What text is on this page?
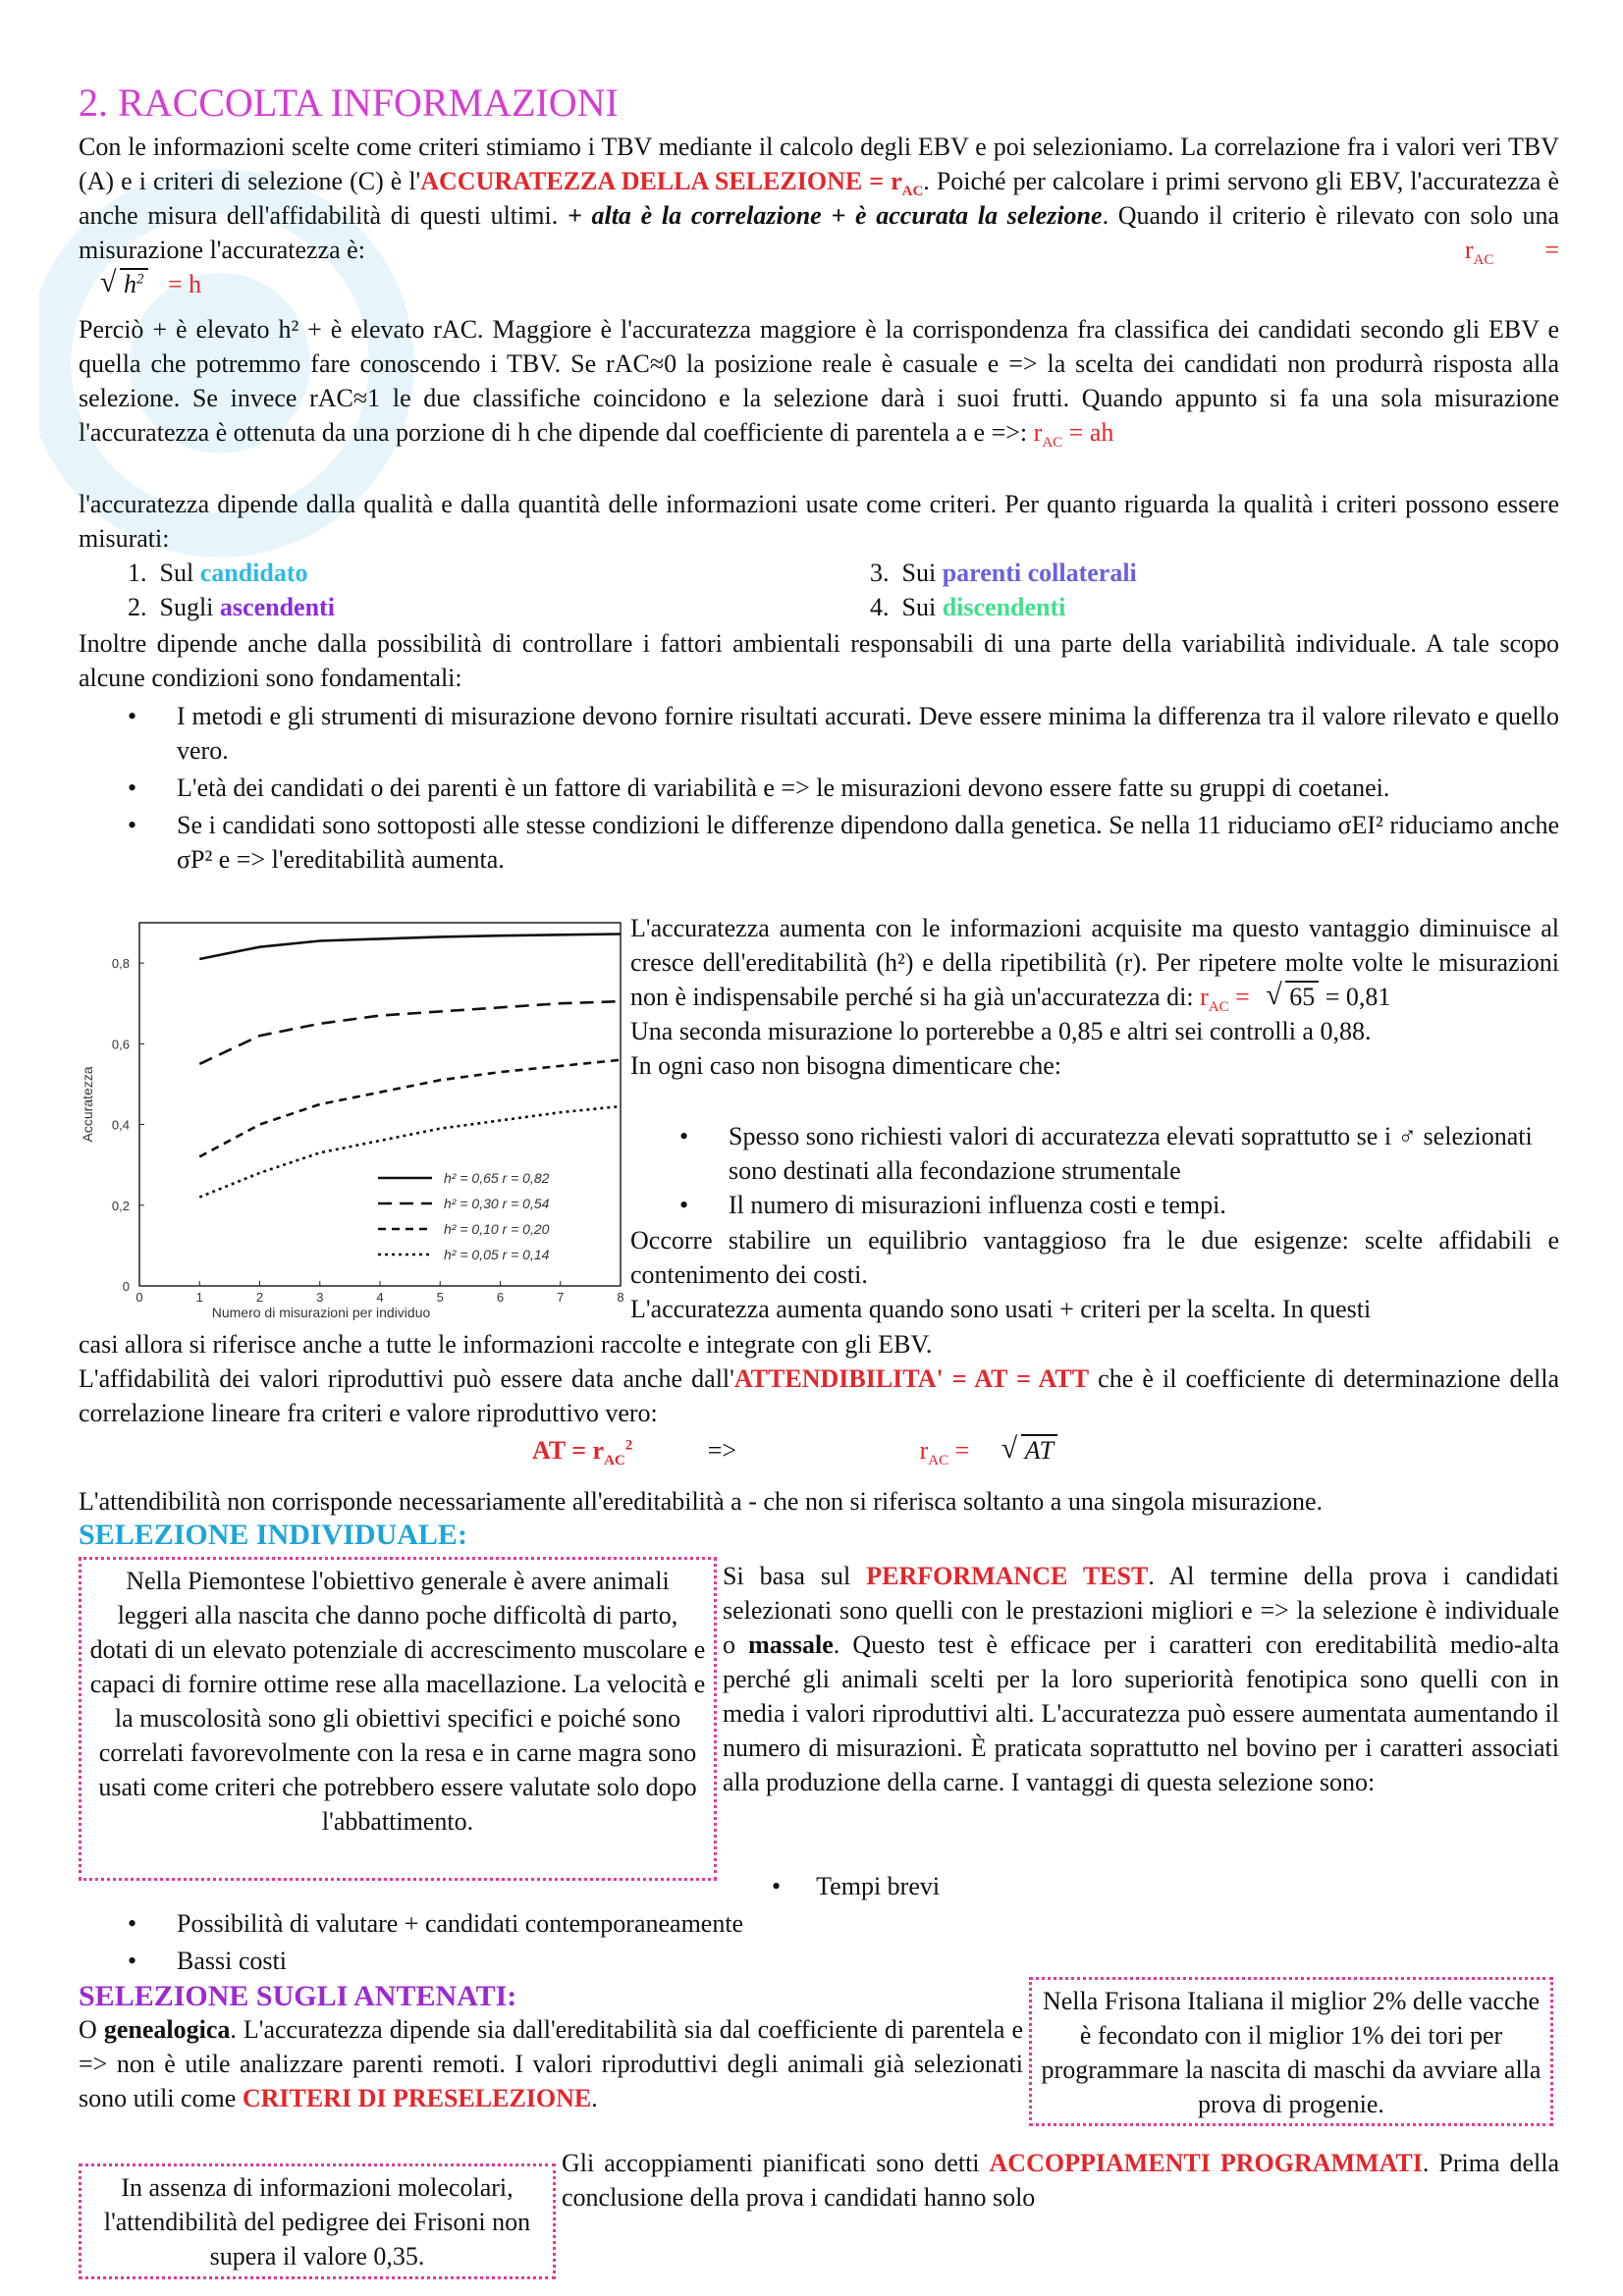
2. RACCOLTA INFORMAZIONI
Con le informazioni scelte come criteri stimiamo i TBV mediante il calcolo degli EBV e poi selezioniamo. La correlazione fra i valori veri TBV (A) e i criteri di selezione (C) è l'ACCURATEZZA DELLA SELEZIONE = $r_{AC}$. Poiché per calcolare i primi servono gli EBV, l'accuratezza è anche misura dell'affidabilità di questi ultimi. + alta è la correlazione + è accurata la selezione. Quando il criterio è rilevato con solo una misurazione l'accuratezza è:	$r_{AC}$ =
√ $h^2 = h$
Perciò + è elevato h² + è elevato rAC. Maggiore è l'accuratezza maggiore è la corrispondenza fra classifica dei candidati secondo gli EBV e quella che potremmo fare conoscendo i TBV. Se rAC≈0 la posizione reale è casuale e => la scelta dei candidati non produrrà risposta alla selezione. Se invece rAC≈1 le due classifiche coincidono e la selezione darà i suoi frutti. Quando appunto si fa una sola misurazione l'accuratezza è ottenuta da una porzione di h che dipende dal coefficiente di parentela a e =>: $r_{AC}$ = ah
l'accuratezza dipende dalla qualità e dalla quantità delle informazioni usate come criteri. Per quanto riguarda la qualità i criteri possono essere misurati:
1. Sul candidato
2. Sugli ascendenti
3. Sui parenti collaterali
4. Sui discendenti
Inoltre dipende anche dalla possibilità di controllare i fattori ambientali responsabili di una parte della variabilità individuale. A tale scopo alcune condizioni sono fondamentali:
• I metodi e gli strumenti di misurazione devono fornire risultati accurati. Deve essere minima la differenza tra il valore rilevato e quello vero.
• L'età dei candidati o dei parenti è un fattore di variabilità e => le misurazioni devono essere fatte su gruppi di coetanei.
• Se i candidati sono sottoposti alle stesse condizioni le differenze dipendono dalla genetica. Se nella 11 riduciamo σEI² riduciamo anche σP² e => l'ereditabilità aumenta.
0	1	2	3	4	5	6	7	8
0
0,2
0,4
0,6
0,8
Numero di misurazioni per individuo
Accuratezza
h² = 0,65 r = 0,82
h² = 0,30 r = 0,54
h² = 0,10 r = 0,20
h² = 0,05 r = 0,14
L'accuratezza aumenta con le informazioni acquisite ma questo vantaggio diminuisce al cresce dell'ereditabilità (h²) e della ripetibilità (r). Per ripetere molte volte le misurazioni non è indispensabile perché si ha già un'accuratezza di: $r_{AC}$ = √ 65 = 0,81
Una seconda misurazione lo porterebbe a 0,85 e altri sei controlli a 0,88.
In ogni caso non bisogna dimenticare che:
• Spesso sono richiesti valori di accuratezza elevati soprattutto se i ♂ selezionati sono destinati alla fecondazione strumentale
• Il numero di misurazioni influenza costi e tempi.
Occorre stabilire un equilibrio vantaggioso fra le due esigenze: scelte affidabili e contenimento dei costi.
L'accuratezza aumenta quando sono usati + criteri per la scelta. In questi
casi allora si riferisce anche a tutte le informazioni raccolte e integrate con gli EBV.
L'affidabilità dei valori riproduttivi può essere data anche dall'ATTENDIBILITA' = AT = ATT che è il coefficiente di determinazione della correlazione lineare fra criteri e valore riproduttivo vero:
AT = $r_{AC}^2$	=>	$r_{AC}$ = √ AT
L'attendibilità non corrisponde necessariamente all'ereditabilità a - che non si riferisca soltanto a una singola misurazione.
SELEZIONE INDIVIDUALE:
Nella Piemontese l'obiettivo generale è avere animali leggeri alla nascita che danno poche difficoltà di parto, dotati di un elevato potenziale di accrescimento muscolare e capaci di fornire ottime rese alla macellazione. La velocità e la muscolosità sono gli obiettivi specifici e poiché sono correlati favorevolmente con la resa e in carne magra sono usati come criteri che potrebbero essere valutate solo dopo l'abbattimento.
Si basa sul PERFORMANCE TEST. Al termine della prova i candidati selezionati sono quelli con le prestazioni migliori e => la selezione è individuale o massale. Questo test è efficace per i caratteri con ereditabilità medio-alta perché gli animali scelti per la loro superiorità fenotipica sono quelli con in media i valori riproduttivi alti. L'accuratezza può essere aumentata aumentando il numero di misurazioni. È praticata soprattutto nel bovino per i caratteri associati alla produzione della carne. I vantaggi di questa selezione sono:
• Tempi brevi
• Possibilità di valutare + candidati contemporaneamente
• Bassi costi
SELEZIONE SUGLI ANTENATI:	Nella Frisona Italiana il miglior 2% delle vacche è fecondato con il miglior 1% dei tori per programmare la nascita di maschi da avviare alla prova di progenie.
O genealogica. L'accuratezza dipende sia dall'ereditabilità sia dal coefficiente di parentela e => non è utile analizzare parenti remoti. I valori riproduttivi degli animali già selezionati sono utili come CRITERI DI PRESELEZIONE.
In assenza di informazioni molecolari, l'attendibilità del pedigree dei Frisoni non supera il valore 0,35.
Gli accoppiamenti pianificati sono detti ACCOPPIAMENTI PROGRAMMATI. Prima della conclusione della prova i candidati hanno solo
